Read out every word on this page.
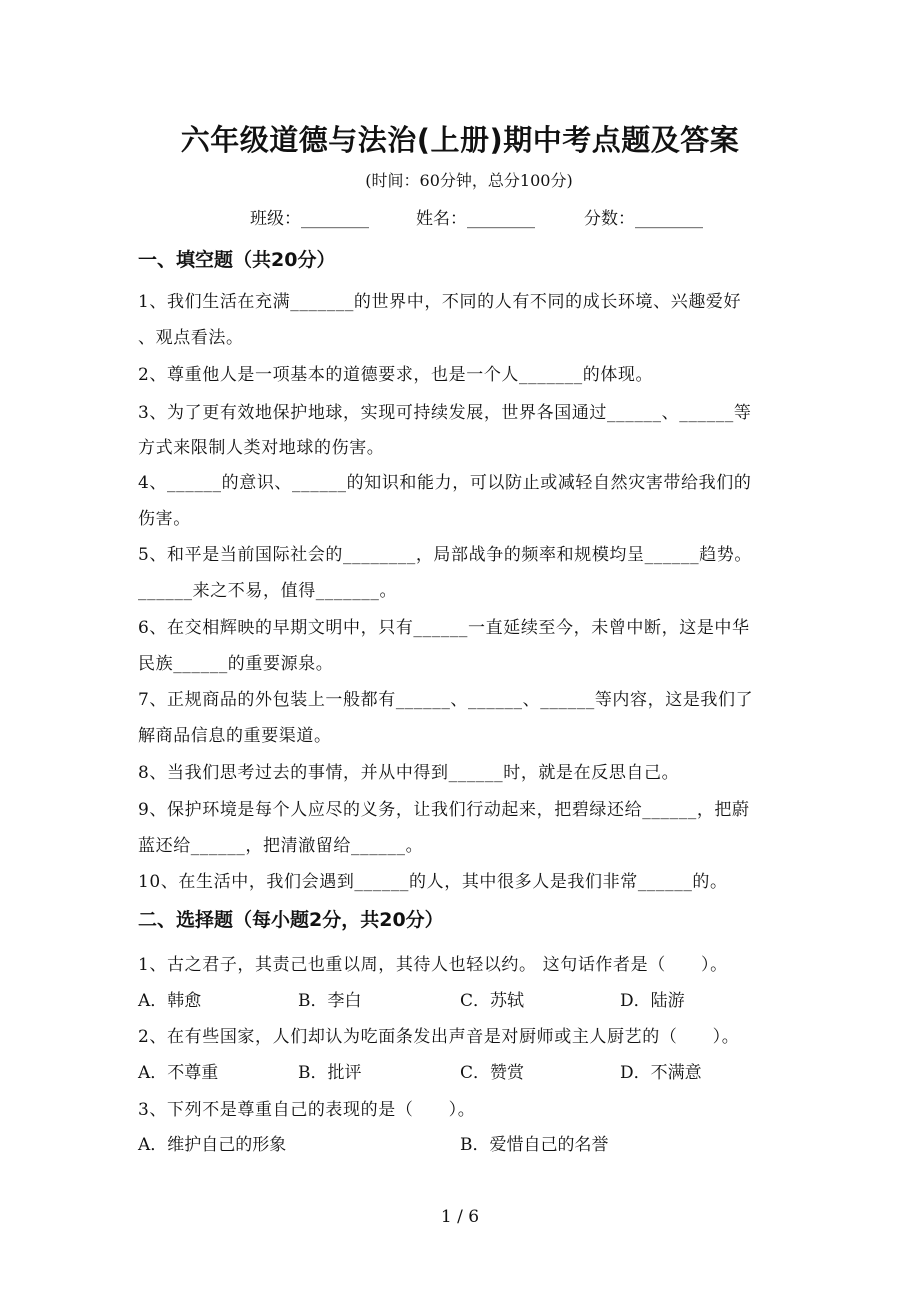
六年级道德与法治(上册)期中考点题及答案
(时间：60分钟，总分100分)
班级：________	姓名：________	分数：________
一、填空题（共20分）
1、我们生活在充满_______的世界中，不同的人有不同的成长环境、兴趣爱好
、观点看法。
2、尊重他人是一项基本的道德要求，也是一个人_______的体现。
3、为了更有效地保护地球，实现可持续发展，世界各国通过______、______等
方式来限制人类对地球的伤害。
4、______的意识、______的知识和能力，可以防止或减轻自然灾害带给我们的
伤害。
5、和平是当前国际社会的________，局部战争的频率和规模均呈______趋势。
______来之不易，值得_______。
6、在交相辉映的早期文明中，只有______一直延续至今，未曾中断，这是中华
民族______的重要源泉。
7、正规商品的外包装上一般都有______、______、______等内容，这是我们了
解商品信息的重要渠道。
8、当我们思考过去的事情，并从中得到______时，就是在反思自己。
9、保护环境是每个人应尽的义务，让我们行动起来，把碧绿还给______，把蔚
蓝还给______，把清澈留给______。
10、在生活中，我们会遇到______的人，其中很多人是我们非常______的。
二、选择题（每小题2分，共20分）
1、古之君子，其责己也重以周，其待人也轻以约。 这句话作者是（　　）。
A．韩愈	B．李白	C．苏轼	D．陆游
2、在有些国家，人们却认为吃面条发出声音是对厨师或主人厨艺的（　　）。
A．不尊重	B．批评	C．赞赏	D．不满意
3、下列不是尊重自己的表现的是（　　）。
A．维护自己的形象	B．爱惜自己的名誉
1 / 6
